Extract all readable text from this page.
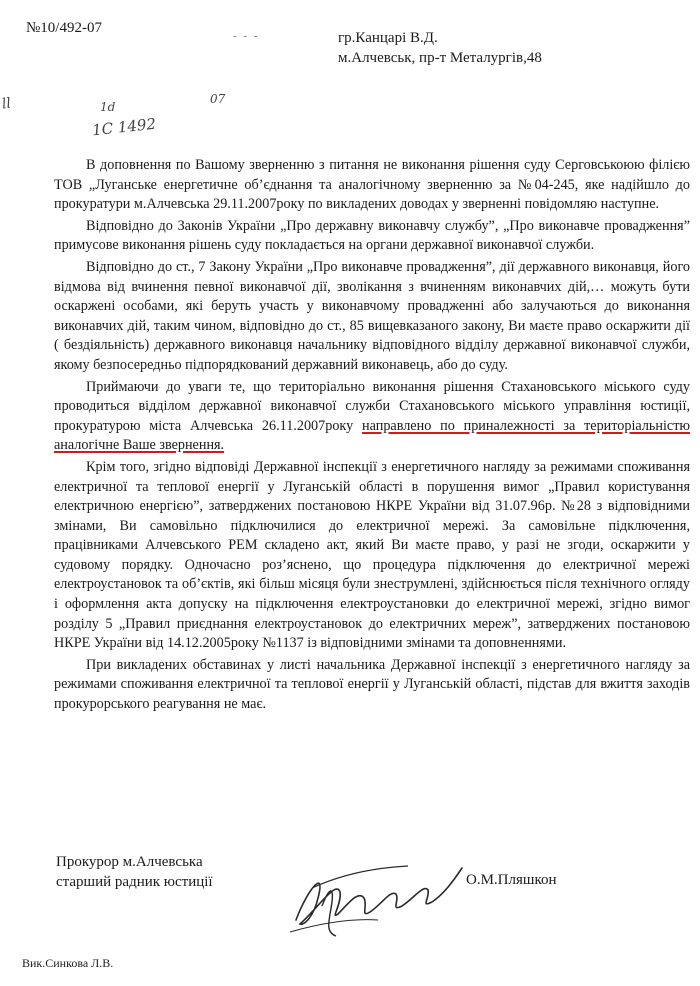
№10/492-07	- - -	гр.Канцарі В.Д.
м.Алчевськ, пр-т Металургів,48
ll	1d
07
1C 1492

В доповнення по Вашому зверненню з питання не виконання рішення суду Серговськоюю філією ТОВ „Луганське енергетичне об’єднання та аналогічному зверненню за №04-245, яке надійшло до прокуратури м.Алчевська 29.11.2007року по викладених доводах у зверненні повідомляю наступне.

Відповідно до Законів України „Про державну виконавчу службу”, „Про виконавче провадження” примусове виконання рішень суду покладається на органи державної виконавчої служби.

Відповідно до ст., 7 Закону України „Про виконавче провадження”, дії державного виконавця, його відмова від вчинення певної виконавчої дії, зволікання з вчиненням виконавчих дій,… можуть бути оскаржені особами, які беруть участь у виконавчому провадженні або залучаються до виконання виконавчих дій, таким чином, відповідно до ст., 85 вищевказаного закону, Ви маєте право оскаржити дії ( бездіяльність) державного виконавця начальнику відповідного відділу державної виконавчої служби, якому безпосередньо підпорядкований державний виконавець, або до суду.

Приймаючи до уваги те, що територіально виконання рішення Стахановського міського суду проводиться відділом державної виконавчої служби Стахановського міського управління юстиції, прокуратурою міста Алчевська 26.11.2007року направлено по приналежності за територіальністю аналогічне Ваше звернення.

Крім того, згідно відповіді Державної інспекції з енергетичного нагляду за режимами споживання електричної та теплової енергії у Луганській області в порушення вимог „Правил користування електричною енергією”, затверджених постановою НКРЕ України від 31.07.96р. №28 з відповідними змінами, Ви самовільно підключилися до електричної мережі. За самовільне підключення, працівниками Алчевського РЕМ складено акт, який Ви маєте право, у разі не згоди, оскаржити у судовому порядку. Одночасно роз’яснено, що процедура підключення до електричної мережі електроустановок та об’єктів, які більш місяця були знеструмлені, здійснюється після технічного огляду і оформлення акта допуску на підключення електроустановки до електричної мережі, згідно вимог розділу 5 „Правил приєднання електроустановок до електричних мереж”, затверджених постановою НКРЕ України від 14.12.2005року №1137 із відповідними змінами та доповненнями.

При викладених обставинах у листі начальника Державної інспекції з енергетичного нагляду за режимами споживання електричної та теплової енергії у Луганській області, підстав для вжиття заходів прокурорського реагування не має.

Прокурор м.Алчевська
старший радник юстиції	О.М.Пляшкон
Вик.Синкова Л.В.
